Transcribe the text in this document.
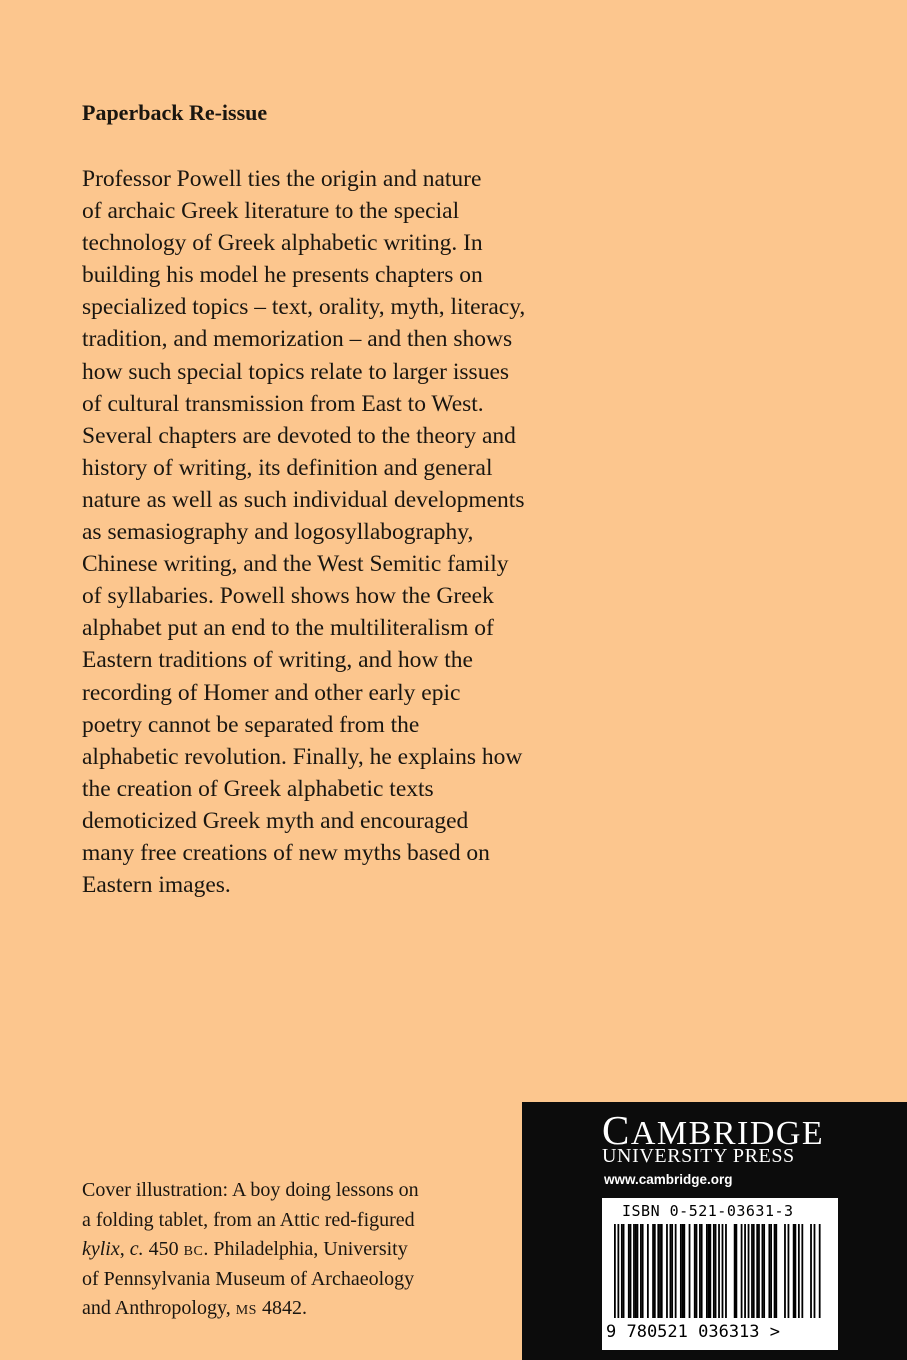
Paperback Re-issue
Professor Powell ties the origin and nature
of archaic Greek literature to the special
technology of Greek alphabetic writing. In
building his model he presents chapters on
specialized topics – text, orality, myth, literacy,
tradition, and memorization – and then shows
how such special topics relate to larger issues
of cultural transmission from East to West.
Several chapters are devoted to the theory and
history of writing, its definition and general
nature as well as such individual developments
as semasiography and logosyllabography,
Chinese writing, and the West Semitic family
of syllabaries. Powell shows how the Greek
alphabet put an end to the multiliteralism of
Eastern traditions of writing, and how the
recording of Homer and other early epic
poetry cannot be separated from the
alphabetic revolution. Finally, he explains how
the creation of Greek alphabetic texts
demoticized Greek myth and encouraged
many free creations of new myths based on
Eastern images.
Cover illustration: A boy doing lessons on
a folding tablet, from an Attic red-figured
kylix, c. 450 bc. Philadelphia, University
of Pennsylvania Museum of Archaeology
and Anthropology, ms 4842.
CAMBRIDGE
UNIVERSITY PRESS
www.cambridge.org
ISBN 0-521-03631-3
9 780521 036313 >
